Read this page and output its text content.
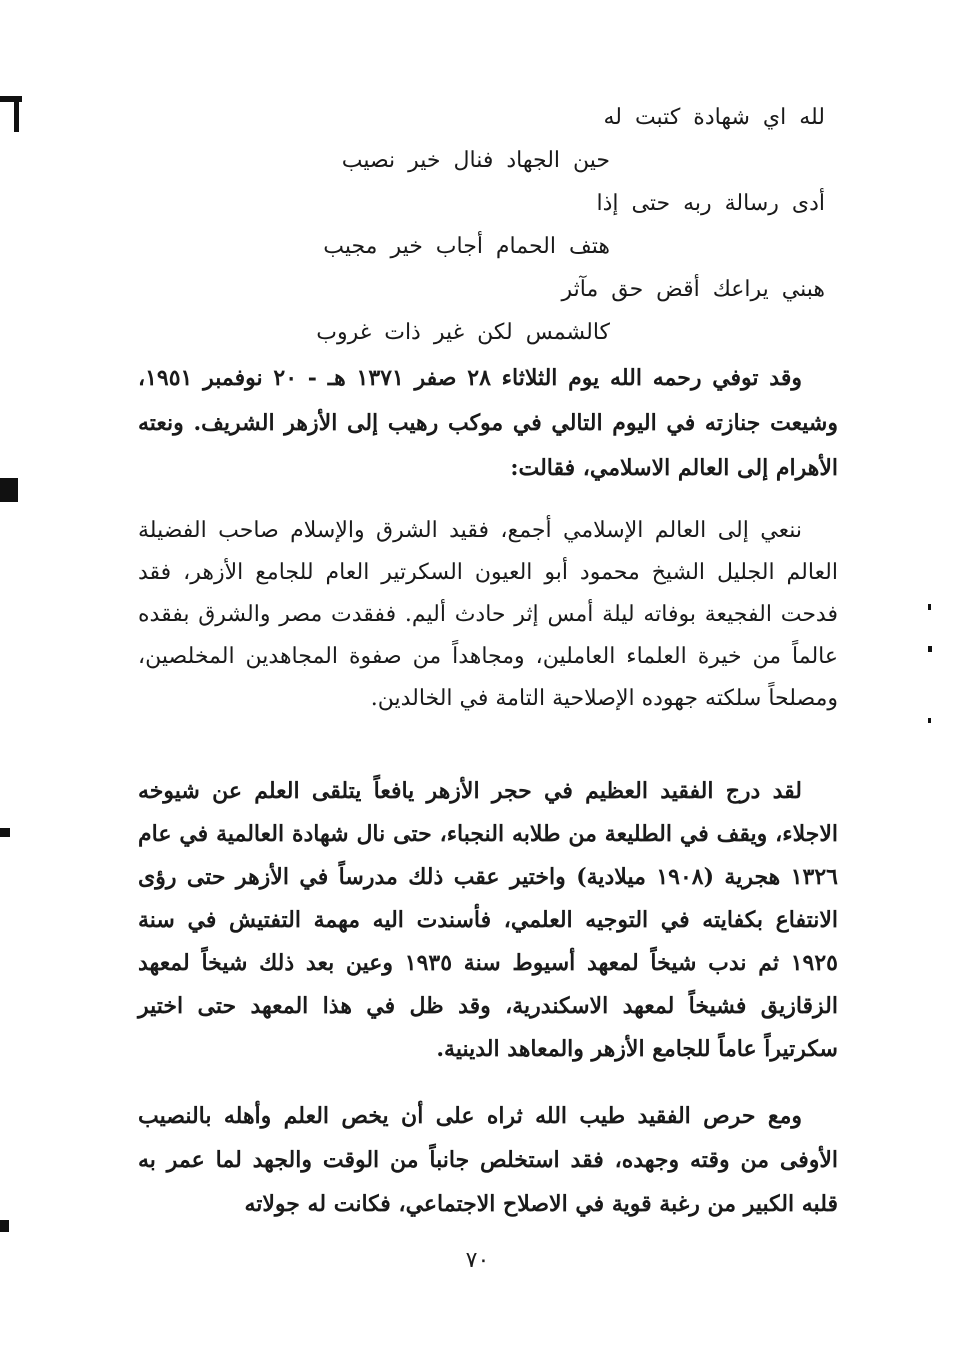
لله اي شهادة كتبت له
حين الجهاد فنال خير نصيب
أدى رسالة ربه حتى إذا
هتف الحمام أجاب خير مجيب
هبني يراعك أقض حق مآثر
كالشمس لكن غير ذات غروب

وقد توفي رحمه الله يوم الثلاثاء ٢٨ صفر ١٣٧١ هـ - ٢٠ نوفمبر ١٩٥١، وشيعت جنازته في اليوم التالي في موكب رهيب إلى الأزهر الشريف. ونعته الأهرام إلى العالم الاسلامي، فقالت:

ننعي إلى العالم الإسلامي أجمع، فقيد الشرق والإسلام صاحب الفضيلة العالم الجليل الشيخ محمود أبو العيون السكرتير العام للجامع الأزهر، فقد فدحت الفجيعة بوفاته ليلة أمس إثر حادث أليم. ففقدت مصر والشرق بفقده عالماً من خيرة العلماء العاملين، ومجاهداً من صفوة المجاهدين المخلصين، ومصلحاً سلكته جهوده الإصلاحية التامة في الخالدين.

لقد درج الفقيد العظيم في حجر الأزهر يافعاً يتلقى العلم عن شيوخه الاجلاء، ويقف في الطليعة من طلابه النجباء، حتى نال شهادة العالمية في عام ١٣٢٦ هجرية (١٩٠٨ ميلادية) واختير عقب ذلك مدرساً في الأزهر حتى رؤى الانتفاع بكفايته في التوجيه العلمي، فأسندت اليه مهمة التفتيش في سنة ١٩٢٥ ثم ندب شيخاً لمعهد أسيوط سنة ١٩٣٥ وعين بعد ذلك شيخاً لمعهد الزقازيق فشيخاً لمعهد الاسكندرية، وقد ظل في هذا المعهد حتى اختير سكرتيراً عاماً للجامع الأزهر والمعاهد الدينية.

ومع حرص الفقيد طيب الله ثراه على أن يخص العلم وأهله بالنصيب الأوفى من وقته وجهده، فقد استخلص جانباً من الوقت والجهد لما عمر به قلبه الكبير من رغبة قوية في الاصلاح الاجتماعي، فكانت له جولاته

٧٠
